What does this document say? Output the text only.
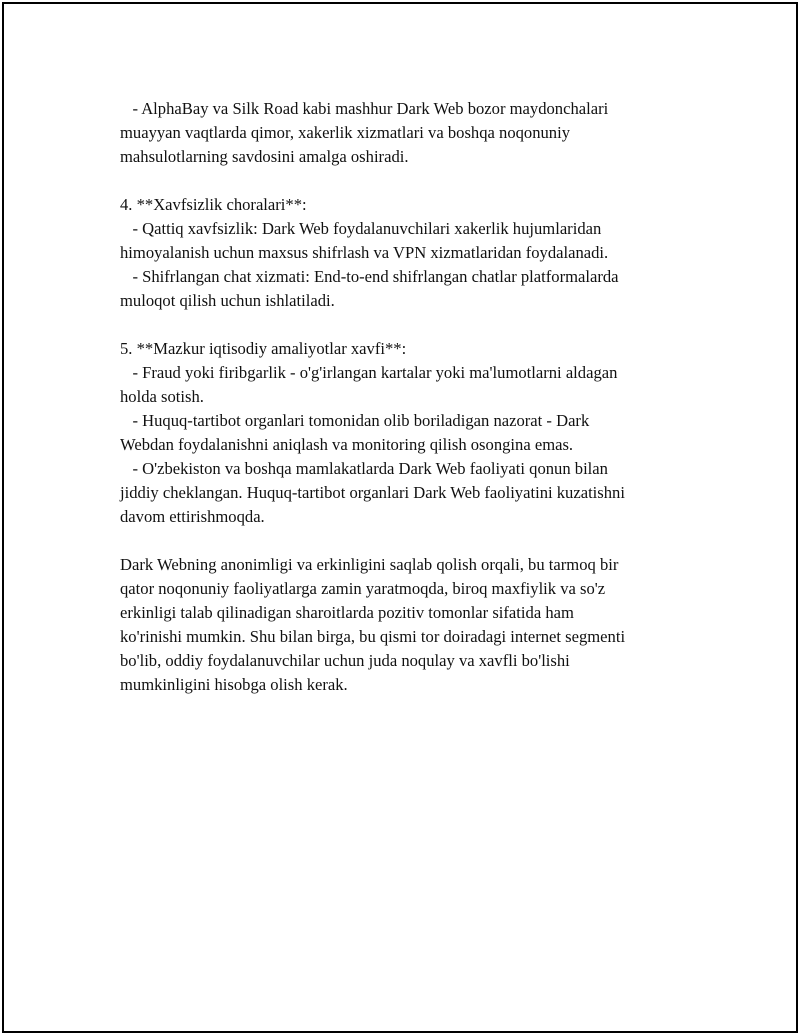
- AlphaBay va Silk Road kabi mashhur Dark Web bozor maydonchalari
muayyan vaqtlarda qimor, xakerlik xizmatlari va boshqa noqonuniy
mahsulotlarning savdosini amalga oshiradi.
4. **Xavfsizlik choralari**:
- Qattiq xavfsizlik: Dark Web foydalanuvchilari xakerlik hujumlaridan
himoyalanish uchun maxsus shifrlash va VPN xizmatlaridan foydalanadi.
- Shifrlangan chat xizmati: End-to-end shifrlangan chatlar platformalarda
muloqot qilish uchun ishlatiladi.
5. **Mazkur iqtisodiy amaliyotlar xavfi**:
- Fraud yoki firibgarlik - o'g'irlangan kartalar yoki ma'lumotlarni aldagan
holda sotish.
- Huquq-tartibot organlari tomonidan olib boriladigan nazorat - Dark
Webdan foydalanishni aniqlash va monitoring qilish osongina emas.
- O'zbekiston va boshqa mamlakatlarda Dark Web faoliyati qonun bilan
jiddiy cheklangan. Huquq-tartibot organlari Dark Web faoliyatini kuzatishni
davom ettirishmoqda.
Dark Webning anonimligi va erkinligini saqlab qolish orqali, bu tarmoq bir
qator noqonuniy faoliyatlarga zamin yaratmoqda, biroq maxfiylik va so'z
erkinligi talab qilinadigan sharoitlarda pozitiv tomonlar sifatida ham
ko'rinishi mumkin. Shu bilan birga, bu qismi tor doiradagi internet segmenti
bo'lib, oddiy foydalanuvchilar uchun juda noqulay va xavfli bo'lishi
mumkinligini hisobga olish kerak.
